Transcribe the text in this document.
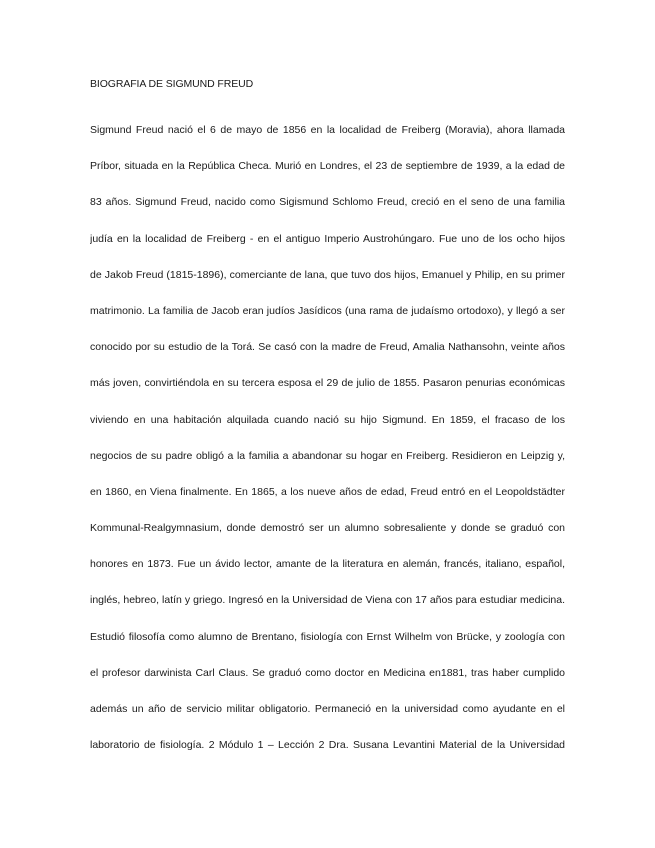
BIOGRAFIA DE SIGMUND FREUD
Sigmund Freud nació el 6 de mayo de 1856 en la localidad de Freiberg (Moravia), ahora llamada
Príbor, situada en la República Checa. Murió en Londres, el 23 de septiembre de 1939, a la edad de
83 años. Sigmund Freud, nacido como Sigismund Schlomo Freud, creció en el seno de una familia
judía en la localidad de Freiberg - en el antiguo Imperio Austrohúngaro. Fue uno de los ocho hijos
de Jakob Freud (1815-1896), comerciante de lana, que tuvo dos hijos, Emanuel y Philip, en su primer
matrimonio. La familia de Jacob eran judíos Jasídicos (una rama de judaísmo ortodoxo), y llegó a ser
conocido por su estudio de la Torá. Se casó con la madre de Freud, Amalia Nathansohn, veinte años
más joven, convirtiéndola en su tercera esposa el 29 de julio de 1855. Pasaron penurias económicas
viviendo en una habitación alquilada cuando nació su hijo Sigmund. En 1859, el fracaso de los
negocios de su padre obligó a la familia a abandonar su hogar en Freiberg. Residieron en Leipzig y,
en 1860, en Viena finalmente. En 1865, a los nueve años de edad, Freud entró en el Leopoldstädter
Kommunal-Realgymnasium, donde demostró ser un alumno sobresaliente y donde se graduó con
honores en 1873. Fue un ávido lector, amante de la literatura en alemán, francés, italiano, español,
inglés, hebreo, latín y griego. Ingresó en la Universidad de Viena con 17 años para estudiar medicina.
Estudió filosofía como alumno de Brentano, fisiología con Ernst Wilhelm von Brücke, y zoología con
el profesor darwinista Carl Claus. Se graduó como doctor en Medicina en1881, tras haber cumplido
además un año de servicio militar obligatorio. Permaneció en la universidad como ayudante en el
laboratorio de fisiología. 2 Módulo 1 – Lección 2 Dra. Susana Levantini Material de la Universidad
